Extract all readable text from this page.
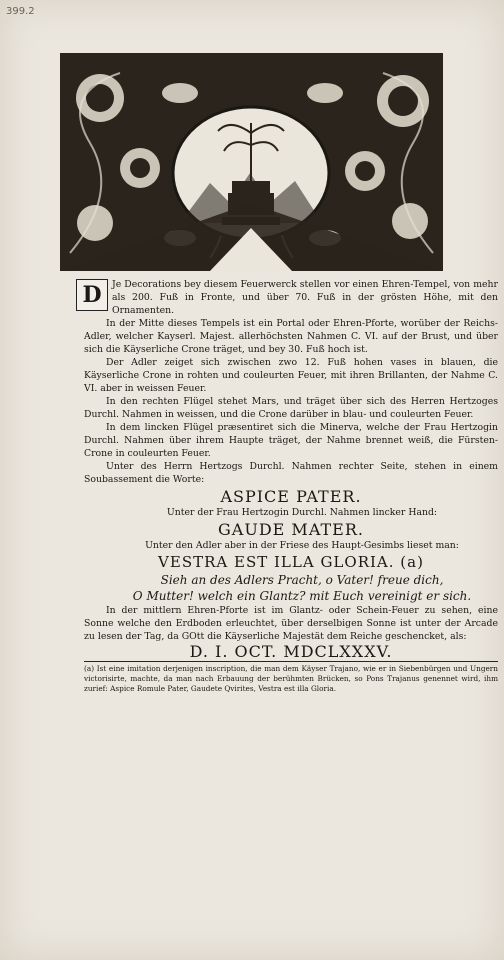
399.2

D	Je Decorations bey diesem Feuerwerck stellen vor einen Ehren-Tempel, von mehr als 200. Fuß in Fronte, und über 70. Fuß in der grösten Höhe, mit den Ornamenten.

In der Mitte dieses Tempels ist ein Portal oder Ehren-Pforte, worüber der Reichs-Adler, welcher Kayserl. Majest. allerhöchsten Nahmen C. VI. auf der Brust, und über sich die Käyserliche Crone träget, und bey 30. Fuß hoch ist.

Der Adler zeiget sich zwischen zwo 12. Fuß hohen vases in blauen, die Käyserliche Crone in rohten und couleurten Feuer, mit ihren Brillanten, der Nahme C. VI. aber in weissen Feuer.

In den rechten Flügel stehet Mars, und träget über sich des Herren Hertzoges Durchl. Nahmen in weissen, und die Crone darüber in blau- und couleurten Feuer.

In dem lincken Flügel præsentiret sich die Minerva, welche der Frau Hertzogin Durchl. Nahmen über ihrem Haupte träget, der Nahme brennet weiß, die Fürsten-Crone in couleurten Feuer.

Unter des Herrn Hertzogs Durchl. Nahmen rechter Seite, stehen in einem Soubassement die Worte:

ASPICE PATER.

Unter der Frau Hertzogin Durchl. Nahmen lincker Hand:

GAUDE MATER.

Unter den Adler aber in der Friese des Haupt-Gesimbs lieset man:

VESTRA EST ILLA GLORIA. (a)

Sieh an des Adlers Pracht, o Vater! freue dich,

O Mutter! welch ein Glantz? mit Euch vereinigt er sich.

In der mittlern Ehren-Pforte ist im Glantz- oder Schein-Feuer zu sehen, eine Sonne welche den Erdboden erleuchtet, über derselbigen Sonne ist unter der Arcade zu lesen der Tag, da GOtt die Käyserliche Majestät dem Reiche geschencket, als:

D. I. OCT. MDCLXXXV.

(a) Ist eine imitation derjenigen inscription, die man dem Käyser Trajano, wie er in Siebenbürgen und Ungern victorisirte, machte, da man nach Erbauung der berühmten Brücken, so Pons Trajanus genennet wird, ihm zurief: Aspice Romule Pater, Gaudete Qvirites, Vestra est illa Gloria.
